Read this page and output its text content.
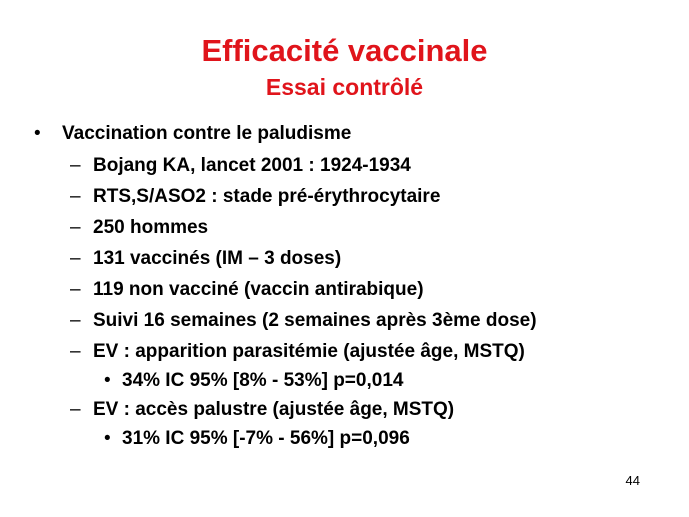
Efficacité vaccinale
Essai contrôlé
• Vaccination contre le paludisme
– Bojang KA, lancet 2001 : 1924-1934
– RTS,S/ASO2 : stade pré-érythrocytaire
– 250 hommes
– 131 vaccinés (IM – 3 doses)
– 119 non vacciné (vaccin antirabique)
– Suivi 16 semaines (2 semaines après 3ème dose)
– EV : apparition parasitémie (ajustée âge, MSTQ)
• 34% IC 95% [8% - 53%] p=0,014
– EV : accès palustre (ajustée âge, MSTQ)
• 31% IC 95% [-7% - 56%] p=0,096
44
